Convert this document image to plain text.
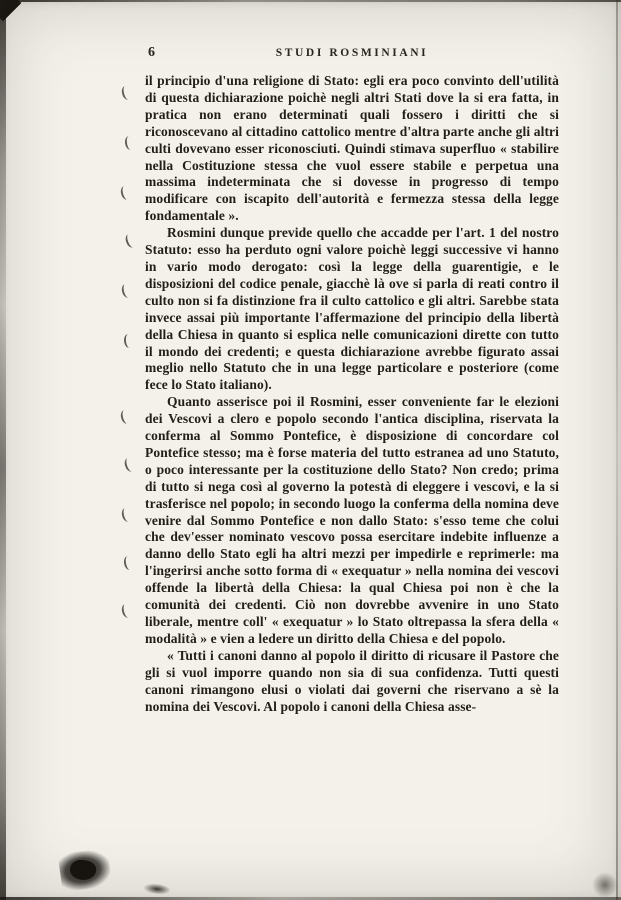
6	STUDI ROSMINIANI

il principio d'una religione di Stato: egli era poco convinto dell'utilità di questa dichiarazione poichè negli altri Stati dove la si era fatta, in pratica non erano determinati quali fossero i diritti che si riconoscevano al cittadino cattolico mentre d'altra parte anche gli altri culti dovevano esser riconosciuti. Quindi stimava superfluo « stabilire nella Costituzione stessa che vuol essere stabile e perpetua una massima indeterminata che si dovesse in progresso di tempo modificare con iscapito dell'autorità e fermezza stessa della legge fondamentale ».

Rosmini dunque previde quello che accadde per l'art. 1 del nostro Statuto: esso ha perduto ogni valore poichè leggi successive vi hanno in vario modo derogato: così la legge della guarentigie, e le disposizioni del codice penale, giacchè là ove si parla di reati contro il culto non si fa distinzione fra il culto cattolico e gli altri. Sarebbe stata invece assai più importante l'affermazione del principio della libertà della Chiesa in quanto si esplica nelle comunicazioni dirette con tutto il mondo dei credenti; e questa dichiarazione avrebbe figurato assai meglio nello Statuto che in una legge particolare e posteriore (come fece lo Stato italiano).

Quanto asserisce poi il Rosmini, esser conveniente far le elezioni dei Vescovi a clero e popolo secondo l'antica disciplina, riservata la conferma al Sommo Pontefice, è disposizione di concordare col Pontefice stesso; ma è forse materia del tutto estranea ad uno Statuto, o poco interessante per la costituzione dello Stato? Non credo; prima di tutto si nega così al governo la potestà di eleggere i vescovi, e la si trasferisce nel popolo; in secondo luogo la conferma della nomina deve venire dal Sommo Pontefice e non dallo Stato: s'esso teme che colui che dev'esser nominato vescovo possa esercitare indebite influenze a danno dello Stato egli ha altri mezzi per impedirle e reprimerle: ma l'ingerirsi anche sotto forma di « exequatur » nella nomina dei vescovi offende la libertà della Chiesa: la qual Chiesa poi non è che la comunità dei credenti. Ciò non dovrebbe avvenire in uno Stato liberale, mentre coll' « exequatur » lo Stato oltrepassa la sfera della « modalità » e vien a ledere un diritto della Chiesa e del popolo.

« Tutti i canoni danno al popolo il diritto di ricusare il Pastore che gli si vuol imporre quando non sia di sua confidenza. Tutti questi canoni rimangono elusi o violati dai governi che riservano a sè la nomina dei Vescovi. Al popolo i canoni della Chiesa asse-
